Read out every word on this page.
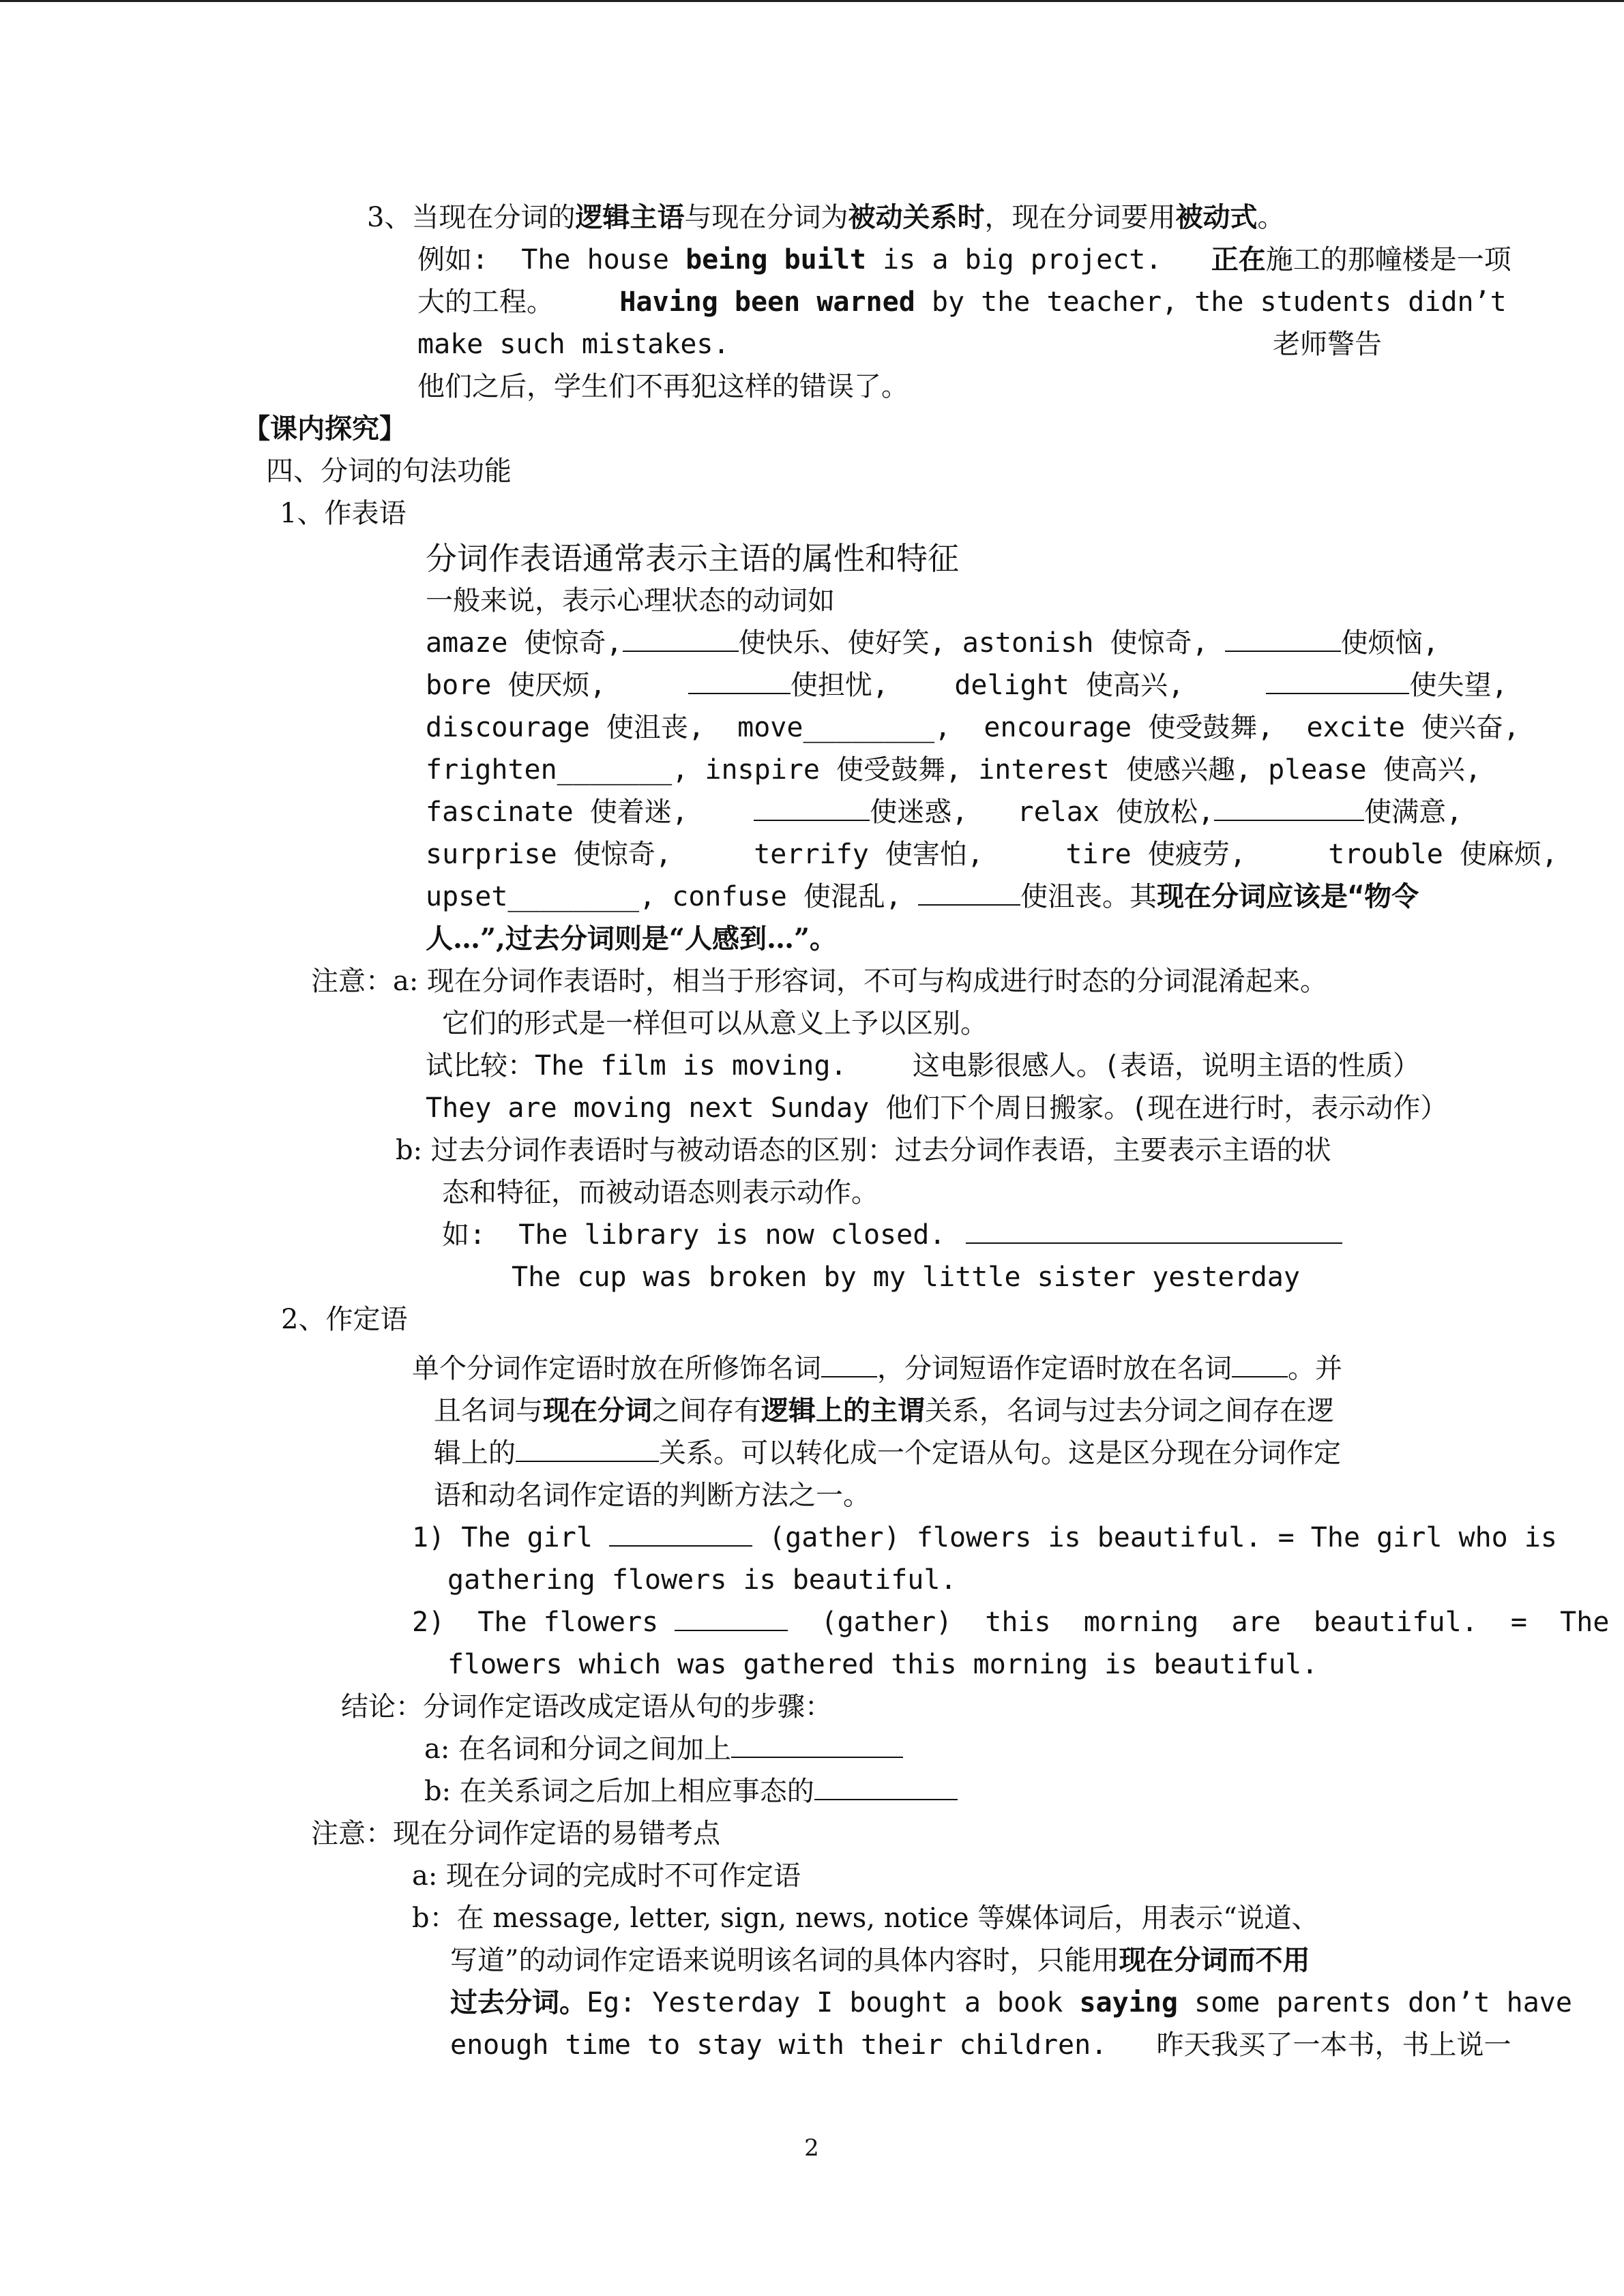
3、当现在分词的逻辑主语与现在分词为被动关系时，现在分词要用被动式。
例如:  The house being built is a big project.   正在施工的那幢楼是一项
大的工程。    Having been warned by the teacher, the students didn’t
make such mistakes.	老师警告
他们之后，学生们不再犯这样的错误了。
【课内探究】
四、分词的句法功能
1、作表语
分词作表语通常表示主语的属性和特征
一般来说，表示心理状态的动词如
amaze 使惊奇,	使快乐、使好笑, astonish 使惊奇,	使烦恼,
bore 使厌烦,	使担忧,    delight 使高兴,	使失望,
discourage 使沮丧,  move________,  encourage 使受鼓舞,  excite 使兴奋,
frighten_______, inspire 使受鼓舞, interest 使感兴趣, please 使高兴,
fascinate 使着迷,	使迷惑,   relax 使放松,	使满意,
surprise 使惊奇,     terrify 使害怕,     tire 使疲劳,     trouble 使麻烦,
upset________, confuse 使混乱,	使沮丧。其现在分词应该是“物令
人…”,过去分词则是“人感到…”。
注意：a: 现在分词作表语时，相当于形容词，不可与构成进行时态的分词混淆起来。
它们的形式是一样但可以从意义上予以区别。
试比较：The film is moving.    这电影很感人。(表语，说明主语的性质）
They are moving next Sunday 他们下个周日搬家。(现在进行时，表示动作）
b: 过去分词作表语时与被动语态的区别：过去分词作表语，主要表示主语的状
态和特征，而被动语态则表示动作。
如:  The library is now closed.
The cup was broken by my little sister yesterday
2、作定语
单个分词作定语时放在所修饰名词 ，分词短语作定语时放在名词 。并
且名词与现在分词之间存有逻辑上的主谓关系，名词与过去分词之间存在逻
辑上的	关系。可以转化成一个定语从句。这是区分现在分词作定
语和动名词作定语的判断方法之一。
1) The girl	(gather) flowers is beautiful. = The girl who is
gathering flowers is beautiful.
2)  The flowers	(gather)  this  morning  are  beautiful.  =  The
flowers which was gathered this morning is beautiful.
结论：分词作定语改成定语从句的步骤：
a: 在名词和分词之间加上
b: 在关系词之后加上相应事态的
注意：现在分词作定语的易错考点
a: 现在分词的完成时不可作定语
b：在 message, letter, sign, news, notice 等媒体词后，用表示“说道、
写道”的动词作定语来说明该名词的具体内容时，只能用现在分词而不用
过去分词。Eg: Yesterday I bought a book saying some parents don’t have
enough time to stay with their children.   昨天我买了一本书，书上说一
2
